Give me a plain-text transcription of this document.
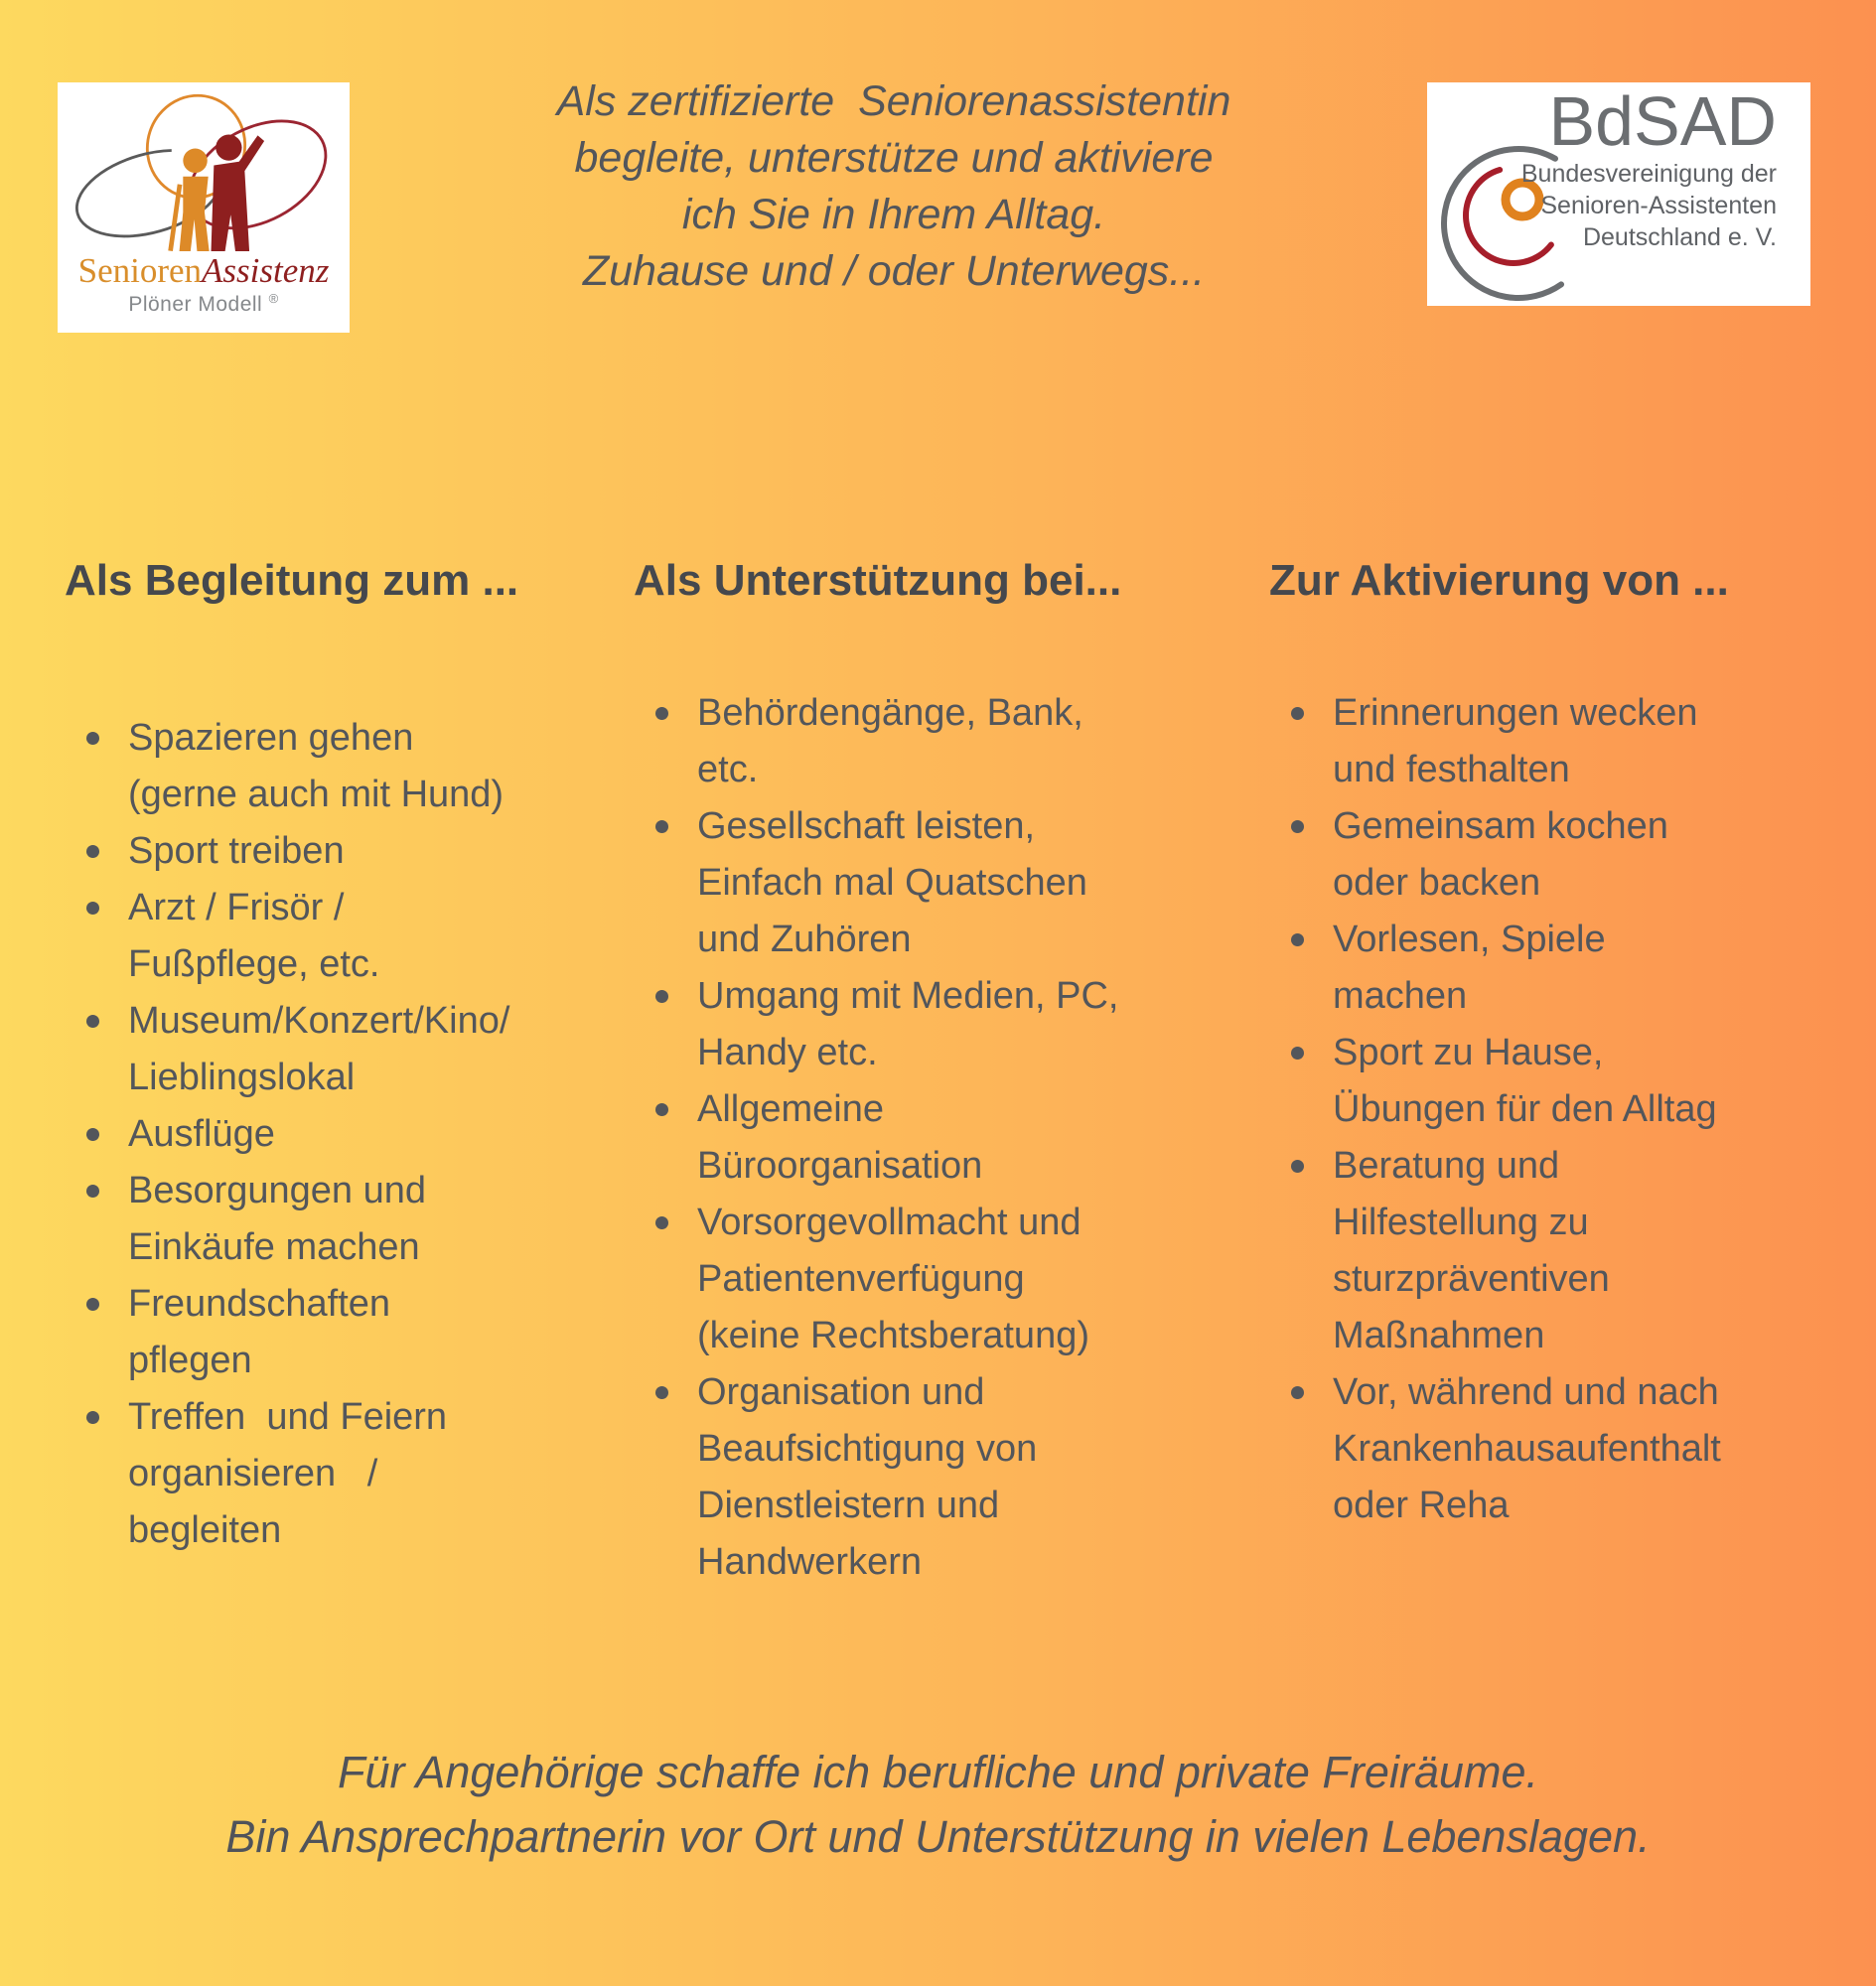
SeniorenAssistenz
Plöner Modell ®
Als zertifizierte  Seniorenassistentin
begleite, unterstütze und aktiviere
ich Sie in Ihrem Alltag.
Zuhause und / oder Unterwegs...
BdSAD
Bundesvereinigung der
Senioren-Assistenten
Deutschland e. V.
Als Begleitung zum ...
Spazieren gehen (gerne auch mit Hund)
Sport treiben
Arzt / Frisör / Fußpflege, etc.
Museum/Konzert/Kino/ Lieblingslokal
Ausflüge
Besorgungen und Einkäufe machen
Freundschaften pflegen
Treffen  und Feiern organisieren   / begleiten
Als Unterstützung bei...
Behördengänge, Bank, etc.
Gesellschaft leisten, Einfach mal Quatschen und Zuhören
Umgang mit Medien, PC, Handy etc.
Allgemeine Büroorganisation
Vorsorgevollmacht und Patientenverfügung (keine Rechtsberatung)
Organisation und Beaufsichtigung von Dienstleistern und Handwerkern
Zur Aktivierung von ...
Erinnerungen wecken und festhalten
Gemeinsam kochen oder backen
Vorlesen, Spiele machen
Sport zu Hause, Übungen für den Alltag
Beratung und Hilfestellung zu sturzpräventiven Maßnahmen
Vor, während und nach Krankenhausaufenthalt oder Reha
Für Angehörige schaffe ich berufliche und private Freiräume.
Bin Ansprechpartnerin vor Ort und Unterstützung in vielen Lebenslagen.
